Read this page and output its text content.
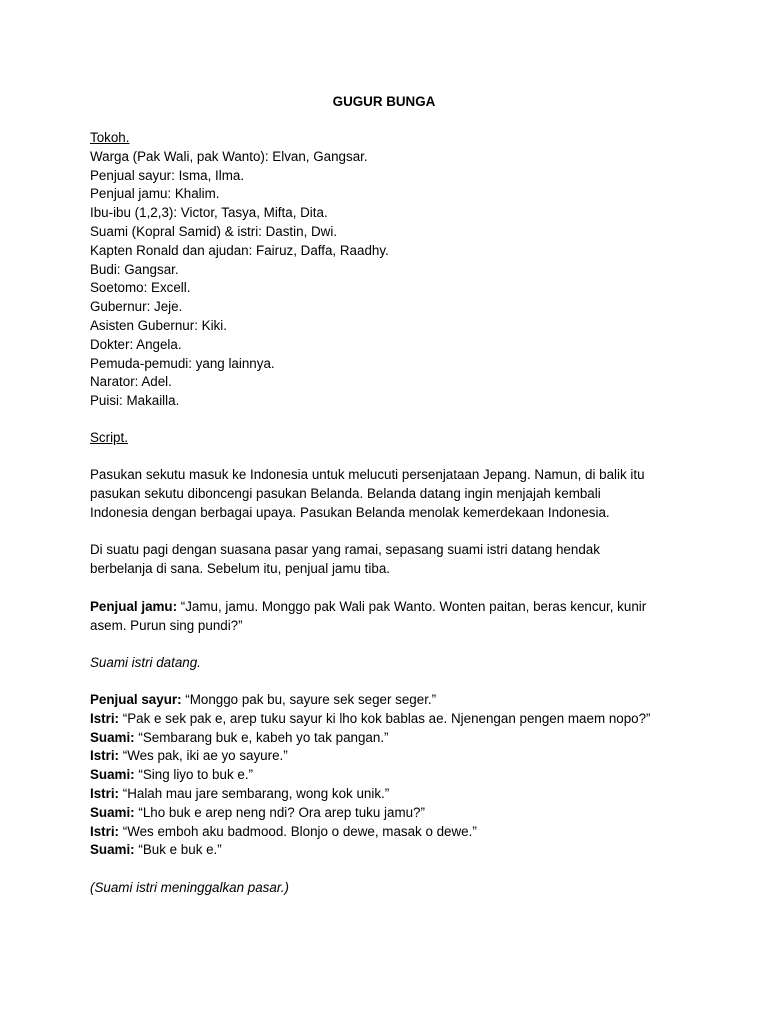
GUGUR BUNGA
Tokoh.
Warga (Pak Wali, pak Wanto): Elvan, Gangsar.
Penjual sayur: Isma, Ilma.
Penjual jamu: Khalim.
Ibu-ibu (1,2,3): Victor, Tasya, Mifta, Dita.
Suami (Kopral Samid) & istri: Dastin, Dwi.
Kapten Ronald dan ajudan: Fairuz, Daffa, Raadhy.
Budi: Gangsar.
Soetomo: Excell.
Gubernur: Jeje.
Asisten Gubernur: Kiki.
Dokter: Angela.
Pemuda-pemudi: yang lainnya.
Narator: Adel.
Puisi: Makailla.
Script.
Pasukan sekutu masuk ke Indonesia untuk melucuti persenjataan Jepang. Namun, di balik itu
pasukan sekutu diboncengi pasukan Belanda. Belanda datang ingin menjajah kembali
Indonesia dengan berbagai upaya. Pasukan Belanda menolak kemerdekaan Indonesia.
Di suatu pagi dengan suasana pasar yang ramai, sepasang suami istri datang hendak
berbelanja di sana. Sebelum itu, penjual jamu tiba.
Penjual jamu: “Jamu, jamu. Monggo pak Wali pak Wanto. Wonten paitan, beras kencur, kunir
asem. Purun sing pundi?”
Suami istri datang.
Penjual sayur: “Monggo pak bu, sayure sek seger seger.”
Istri: “Pak e sek pak e, arep tuku sayur ki lho kok bablas ae. Njenengan pengen maem nopo?”
Suami: “Sembarang buk e, kabeh yo tak pangan.”
Istri: “Wes pak, iki ae yo sayure.”
Suami: “Sing liyo to buk e.”
Istri: “Halah mau jare sembarang, wong kok unik.”
Suami: “Lho buk e arep neng ndi? Ora arep tuku jamu?”
Istri: “Wes emboh aku badmood. Blonjo o dewe, masak o dewe.”
Suami: “Buk e buk e.”
(Suami istri meninggalkan pasar.)
